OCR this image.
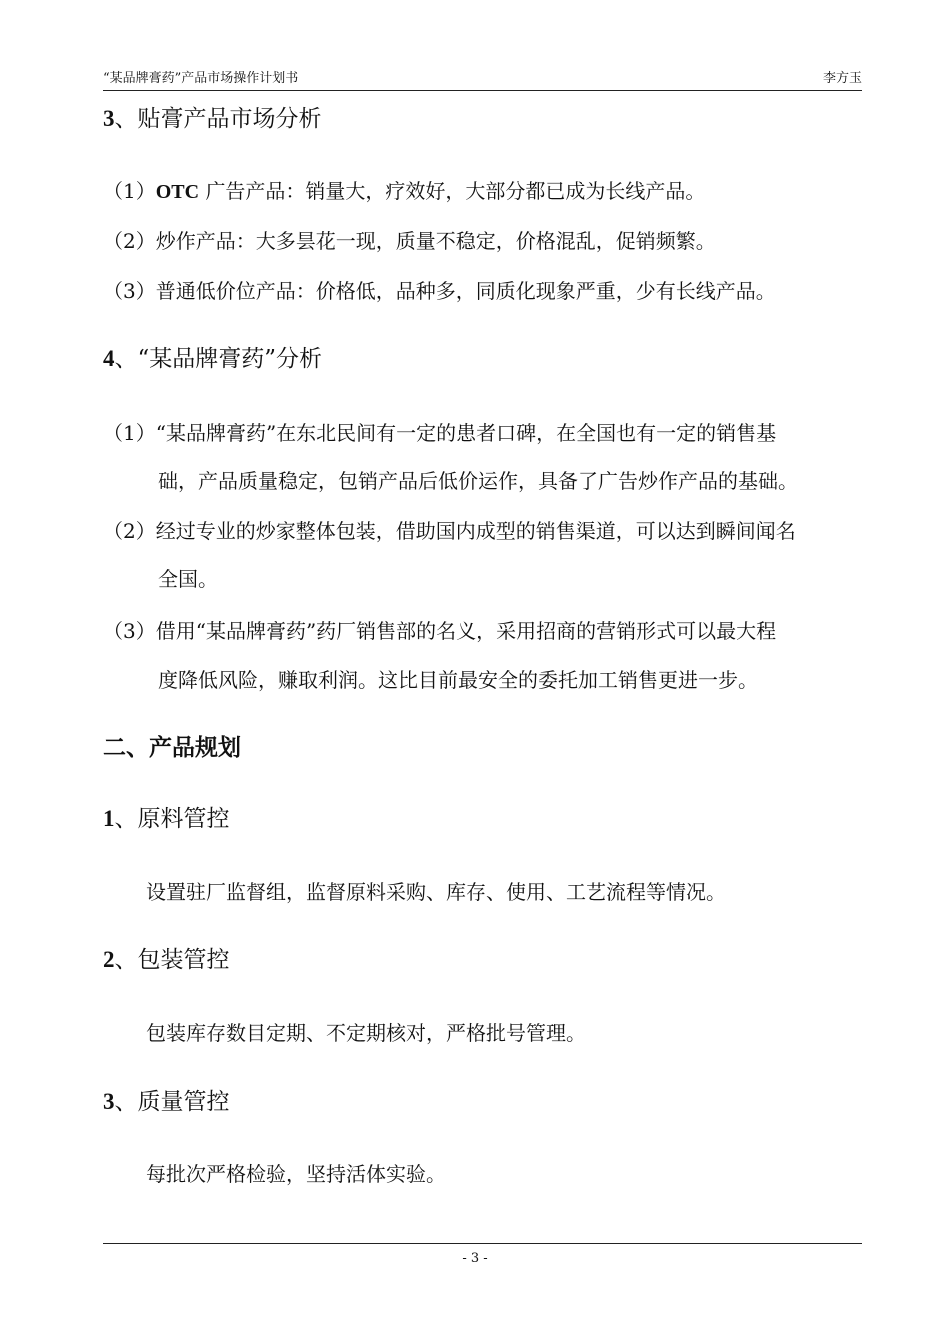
“某品牌膏药”产品市场操作计划书	李方玉
3、贴膏产品市场分析
（1）OTC 广告产品：销量大，疗效好，大部分都已成为长线产品。
（2）炒作产品：大多昙花一现，质量不稳定，价格混乱，促销频繁。
（3）普通低价位产品：价格低，品种多，同质化现象严重，少有长线产品。
4、“某品牌膏药”分析
（1）“某品牌膏药”在东北民间有一定的患者口碑，在全国也有一定的销售基
础，产品质量稳定，包销产品后低价运作，具备了广告炒作产品的基础。
（2）经过专业的炒家整体包装，借助国内成型的销售渠道，可以达到瞬间闻名
全国。
（3）借用“某品牌膏药”药厂销售部的名义，采用招商的营销形式可以最大程
度降低风险，赚取利润。这比目前最安全的委托加工销售更进一步。
二、产品规划
1、原料管控
设置驻厂监督组，监督原料采购、库存、使用、工艺流程等情况。
2、包装管控
包装库存数目定期、不定期核对，严格批号管理。
3、质量管控
每批次严格检验，坚持活体实验。
- 3 -
